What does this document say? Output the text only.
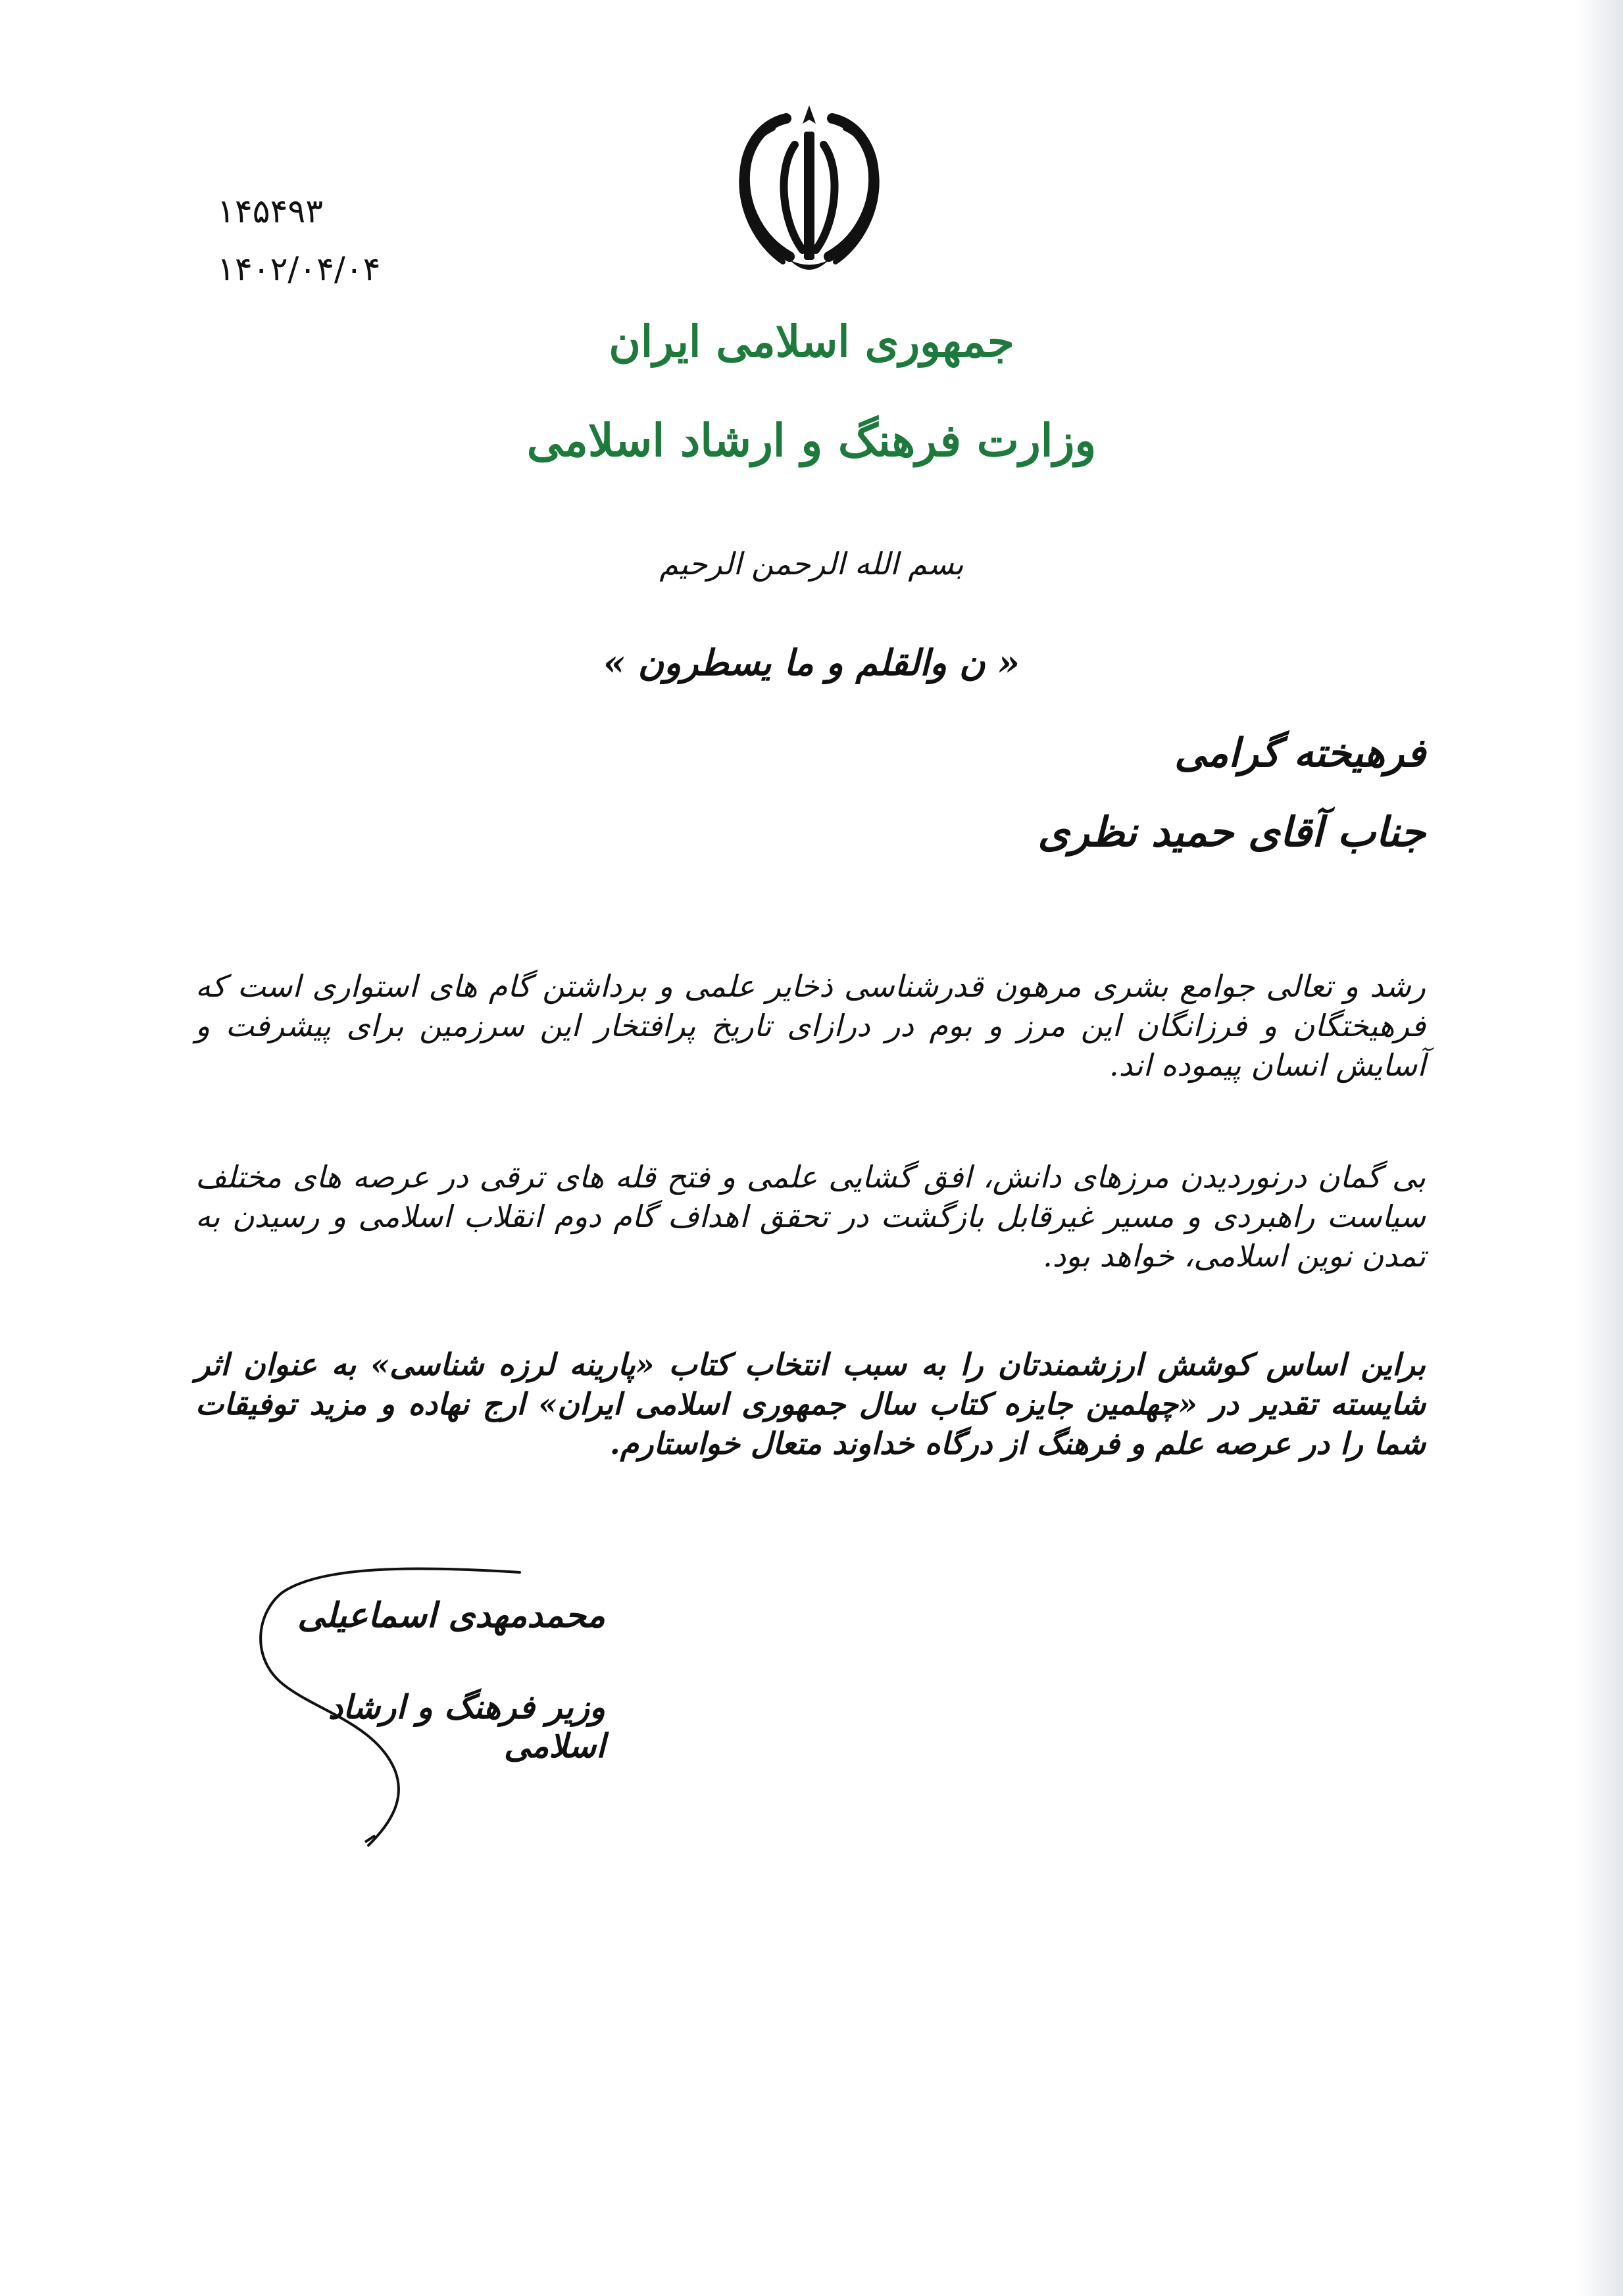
۱۴۵۴۹۳
۱۴۰۲/۰۴/۰۴
جمهوری اسلامی ایران
وزارت فرهنگ و ارشاد اسلامی
بسم الله الرحمن الرحیم
« ن والقلم و ما یسطرون »
فرهیخته گرامی
جناب آقای حمید نظری
رشد و تعالی جوامع بشری مرهون قدرشناسی ذخایر علمی و برداشتن گام های استواری است که فرهیختگان و فرزانگان این مرز و بوم در درازای تاریخ پرافتخار این سرزمین برای پیشرفت و آسایش انسان پیموده اند.
بی گمان درنوردیدن مرزهای دانش، افق گشایی علمی و فتح قله های ترقی در عرصه های مختلف سیاست راهبردی و مسیر غیرقابل بازگشت در تحقق اهداف گام دوم انقلاب اسلامی و رسیدن به تمدن نوین اسلامی، خواهد بود.
براین اساس کوشش ارزشمندتان را به سبب انتخاب کتاب «پارینه لرزه شناسی» به عنوان اثر شایسته تقدیر در «چهلمین جایزه کتاب سال جمهوری اسلامی ایران» ارج نهاده و مزید توفیقات شما را در عرصه علم و فرهنگ از درگاه خداوند متعال خواستارم.
محمدمهدی اسماعیلی
وزیر فرهنگ و ارشاد اسلامی
